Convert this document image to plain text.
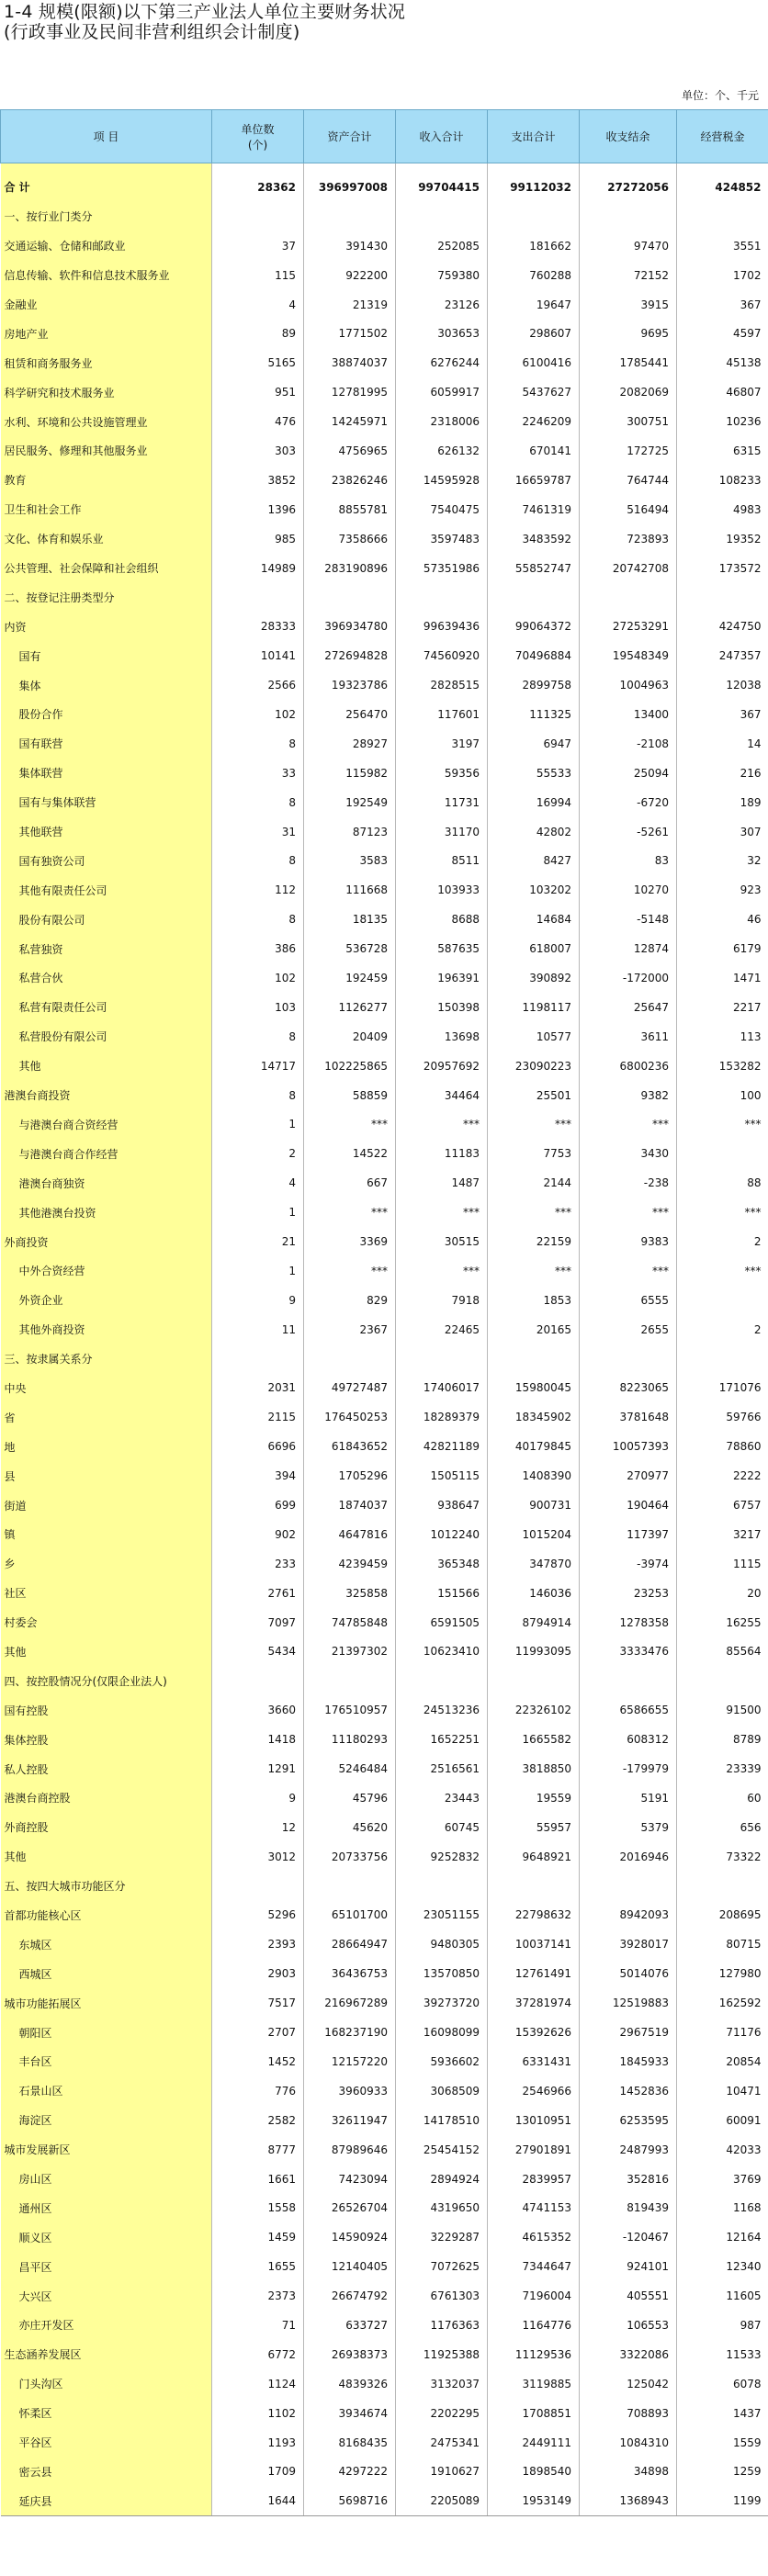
1-4 规模(限额)以下第三产业法人单位主要财务状况
(行政事业及民间非营利组织会计制度)
单位：个、千元
项 目	单位数
(个)	资产合计	收入合计	支出合计	收支结余	经营税金

合 计	28362	396997008	99704415	99112032	27272056	424852
一、按行业门类分						
交通运输、仓储和邮政业	37	391430	252085	181662	97470	3551
信息传输、软件和信息技术服务业	115	922200	759380	760288	72152	1702
金融业	4	21319	23126	19647	3915	367
房地产业	89	1771502	303653	298607	9695	4597
租赁和商务服务业	5165	38874037	6276244	6100416	1785441	45138
科学研究和技术服务业	951	12781995	6059917	5437627	2082069	46807
水利、环境和公共设施管理业	476	14245971	2318006	2246209	300751	10236
居民服务、修理和其他服务业	303	4756965	626132	670141	172725	6315
教育	3852	23826246	14595928	16659787	764744	108233
卫生和社会工作	1396	8855781	7540475	7461319	516494	4983
文化、体育和娱乐业	985	7358666	3597483	3483592	723893	19352
公共管理、社会保障和社会组织	14989	283190896	57351986	55852747	20742708	173572
二、按登记注册类型分						
内资	28333	396934780	99639436	99064372	27253291	424750
国有	10141	272694828	74560920	70496884	19548349	247357
集体	2566	19323786	2828515	2899758	1004963	12038
股份合作	102	256470	117601	111325	13400	367
国有联营	8	28927	3197	6947	-2108	14
集体联营	33	115982	59356	55533	25094	216
国有与集体联营	8	192549	11731	16994	-6720	189
其他联营	31	87123	31170	42802	-5261	307
国有独资公司	8	3583	8511	8427	83	32
其他有限责任公司	112	111668	103933	103202	10270	923
股份有限公司	8	18135	8688	14684	-5148	46
私营独资	386	536728	587635	618007	12874	6179
私营合伙	102	192459	196391	390892	-172000	1471
私营有限责任公司	103	1126277	150398	1198117	25647	2217
私营股份有限公司	8	20409	13698	10577	3611	113
其他	14717	102225865	20957692	23090223	6800236	153282
港澳台商投资	8	58859	34464	25501	9382	100
与港澳台商合资经营	1	***	***	***	***	***
与港澳台商合作经营	2	14522	11183	7753	3430	
港澳台商独资	4	667	1487	2144	-238	88
其他港澳台投资	1	***	***	***	***	***
外商投资	21	3369	30515	22159	9383	2
中外合资经营	1	***	***	***	***	***
外资企业	9	829	7918	1853	6555	
其他外商投资	11	2367	22465	20165	2655	2
三、按隶属关系分						
中央	2031	49727487	17406017	15980045	8223065	171076
省	2115	176450253	18289379	18345902	3781648	59766
地	6696	61843652	42821189	40179845	10057393	78860
县	394	1705296	1505115	1408390	270977	2222
街道	699	1874037	938647	900731	190464	6757
镇	902	4647816	1012240	1015204	117397	3217
乡	233	4239459	365348	347870	-3974	1115
社区	2761	325858	151566	146036	23253	20
村委会	7097	74785848	6591505	8794914	1278358	16255
其他	5434	21397302	10623410	11993095	3333476	85564
四、按控股情况分(仅限企业法人)						
国有控股	3660	176510957	24513236	22326102	6586655	91500
集体控股	1418	11180293	1652251	1665582	608312	8789
私人控股	1291	5246484	2516561	3818850	-179979	23339
港澳台商控股	9	45796	23443	19559	5191	60
外商控股	12	45620	60745	55957	5379	656
其他	3012	20733756	9252832	9648921	2016946	73322
五、按四大城市功能区分						
首都功能核心区	5296	65101700	23051155	22798632	8942093	208695
东城区	2393	28664947	9480305	10037141	3928017	80715
西城区	2903	36436753	13570850	12761491	5014076	127980
城市功能拓展区	7517	216967289	39273720	37281974	12519883	162592
朝阳区	2707	168237190	16098099	15392626	2967519	71176
丰台区	1452	12157220	5936602	6331431	1845933	20854
石景山区	776	3960933	3068509	2546966	1452836	10471
海淀区	2582	32611947	14178510	13010951	6253595	60091
城市发展新区	8777	87989646	25454152	27901891	2487993	42033
房山区	1661	7423094	2894924	2839957	352816	3769
通州区	1558	26526704	4319650	4741153	819439	1168
顺义区	1459	14590924	3229287	4615352	-120467	12164
昌平区	1655	12140405	7072625	7344647	924101	12340
大兴区	2373	26674792	6761303	7196004	405551	11605
亦庄开发区	71	633727	1176363	1164776	106553	987
生态涵养发展区	6772	26938373	11925388	11129536	3322086	11533
门头沟区	1124	4839326	3132037	3119885	125042	6078
怀柔区	1102	3934674	2202295	1708851	708893	1437
平谷区	1193	8168435	2475341	2449111	1084310	1559
密云县	1709	4297222	1910627	1898540	34898	1259
延庆县	1644	5698716	2205089	1953149	1368943	1199
